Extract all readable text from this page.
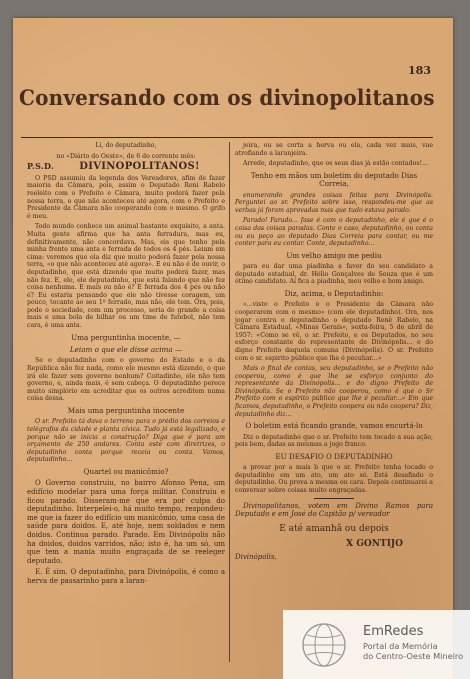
183
Conversando com os divinopolitanos

Li, do deputadinho,

no «Diário do Oeste», de 6 do corrente mês:

P.S.D.	DIVINOPOLITANOS!

O PSD assumiu da legenda dos Vereadores, afim de fazer maioria da Câmara, pois, assim o Deputado Reni Rabelo reeleito com o Prefeito e Câmara, muito poderá fazer pela nossa terra, o que não aconteceu até agora, com o Prefeito e Presidente da Câmara não cooperando com o mesmo. O grifo é meu.

Todo mundo conhece um animal bastante exquisito, a anta. Muita gente afirma que ha anta ferradura, mas eu, definitivamente, não concordava. Mas, eis que tenho pela minha frente uma anta e ferrada de todos os 4 pés. Leiam em cima: veremos que ela diz que muito poderá fazer pela nossa terra, «o que não aconteceu até agora». E eu não é de ouvir, o deputadinho, que está dizendo que muito poderá fazer, mas não fez. E, ele, ele deputadinho, que está falando que não fez coisa nenhuma. E mais ou não é? E ferrada dos 4 pés ou não é? Eu estaria pensando que ele não tivesse coragem, um pouco, tocante ao seu 1º ferrado, mas não, ele tem. Ora, pois, pode o sociedade, com um processo, seria de grande a coisa mais e uma bola de bilhar ou um time de futebol, não tem cara, é uma anta.

Uma perguntinha inocente, —

Leiam o que ele disse acima —

Se o deputadinho com o governo do Estado e o da República não fez nada, como ele mesmo está dizendo, o que irá ele fazer sem governo nenhum? Coitadinho, ele não tem governo, e, ainda mais, é sem cabeça. O deputadinho perece muito simplório em acreditar que os outros acreditem numa coisa dessa.

Mais uma perguntinha inocente

O sr. Prefeito tá dava o terreno para o prédio dos correios e telégrafos da cidade e planta cívica. Tudo já está legalizado, e porque não se inicia a construção? Diga que é para um orçamento de 250 andares. Conta este com diretrizes, o deputadinho conta porque receia ou conta. Vamos, deputadinho...

Quartel ou manicômio?

O Governo construiu, no bairro Afonso Pena, um edifício modelar para uma força militar. Construiu e ficou parado. Disseram-me que era por culpa do deputadinho. Interpelei-o, há muito tempo, respondeu-me que ia fazer do edifício um manicômio, uma casa de saúde para doidos. E, até hoje, nem soldados e nem doidos. Continua parado. Parado. Em Divinópolis não ha doidos, doidos varridos, não; isto é, ha um só, um que tem a mania muito engraçada de se reeleger deputado.

E. É sim. O deputadinho, para Divinópolis, é como a herva de passarinho para a laran-

jeira, ou se corta a herva ou ela, cada vez mais, vae atrofiando a laranjeira.

Arrede, deputadinho, que os seus dias já estão contados!...

Tenho em mãos um boletim do deputado Dias Correia,

enumerando grandes coisas feitas para Divinópolis. Perguntei ao sr. Prefeito sobre isso, respondeu-me que as verbas já foram aprovadas mas que tudo estava parado.

Parado! Parado... fase é com o deputadinho, ele é que é o coisa das coisas paradas. Conte o caso, deputadinho, ou conta ou eu peço ao deputado Dias Correia para contar, ou me conter para eu contar. Conte, deputadinho...

Um velho amigo me pediu

para eu dar uma piadinha a favor do seu candidato a deputado estadual, dr. Hélio Gonçalves de Souza que é um ótimo candidato. Aí fica a piadinha, meu velho e bom amigo.

Diz, acima, o Deputadinho:

«...visto o Prefeito e o Presidente da Câmara não cooperarem com o mesmo» (com ele deputadinho). Ora, nos jogar contra o deputadinho o deputado Renê Rabelo, na Câmara Estadual, «Minas Gerais», sexta-feira, 5 de abril de 1957: «Como se vê, o sr. Prefeito, e os Deputados, no seu esforço constante do representante de Divinópolis... e do digno Prefeito daquela comuna (Divinópolis). O sr. Prefeito com o sr. espirito público que lhe é peculiar...»

Mais o final de contas, seu deputadinho, se o Prefeito não cooperou, como é que lhe se esforço conjunto do representante da Divinópolis... e do digno Prefeito de Divinópolis. Se o Prefeito não cooperou, como é que o Sr Prefeito com o espírito público que lhe é peculiar...» Em que ficamos, deputadinho, o Prefeito coopera ou não coopera? Diz, deputadinho diz...

O boletim está ficando grande, vamos encurtá-lo

Diz o deputadinho que o sr. Prefeito tem tocado a sua ação, pois bem, dadas as mesmas a jogo franco.

EU DESAFIO O DEPUTADINHO

a provar por a mais b que o sr. Prefeito tenha tocado o deputadinho em um ato, um ato só. Está desafiado o deputadinho. Ou prova a mesma ou cara. Depois continuarei a conversar sobre coisas muito engraçadas.

Divinopolitanos, votem em Divino Ramos para Deputado e em José do Capitão p/ vereador

E até amanhã ou depois

X GONTIJO

Divinópolis,

EmRedes
Portal da Memória
do Centro-Oeste Mineiro
